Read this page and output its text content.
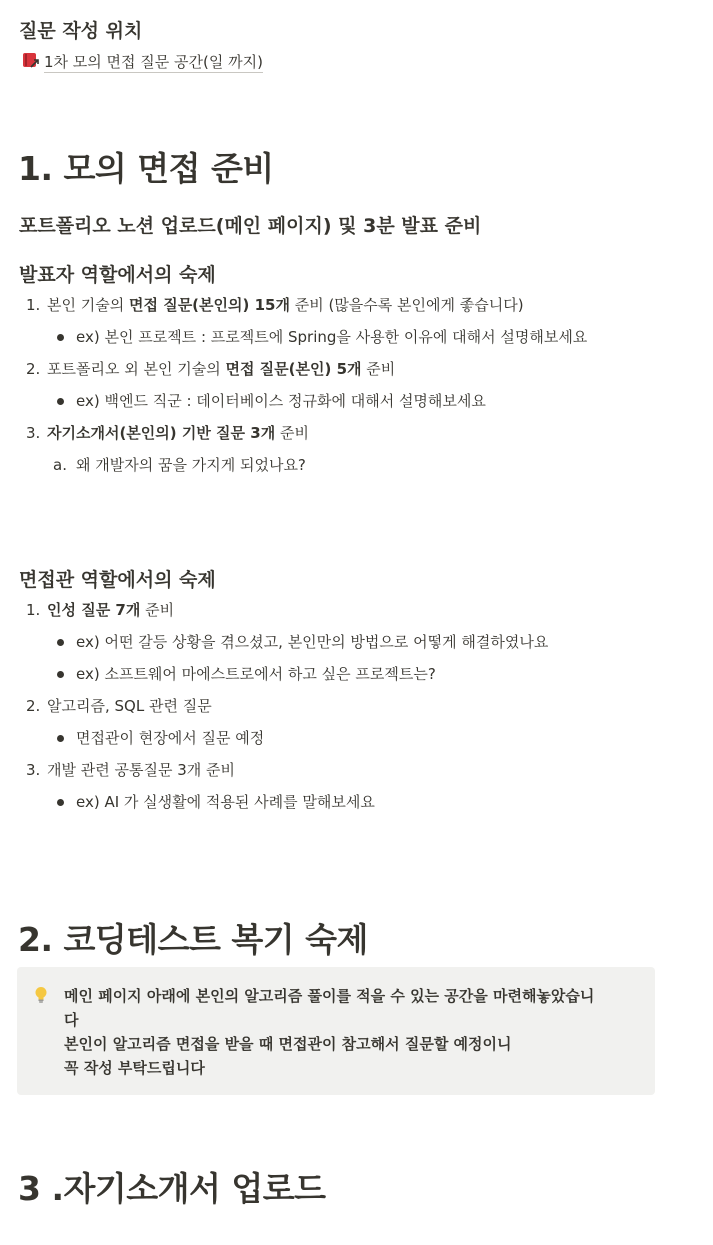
질문 작성 위치
1차 모의 면접 질문 공간(일 까지)
1. 모의 면접 준비
포트폴리오 노션 업로드(메인 페이지) 및 3분 발표 준비
발표자 역할에서의 숙제
1. 본인 기술의 면접 질문(본인의) 15개 준비 (많을수록 본인에게 좋습니다)
ex) 본인 프로젝트 : 프로젝트에 Spring을 사용한 이유에 대해서 설명해보세요
2. 포트폴리오 외 본인 기술의 면접 질문(본인) 5개 준비
ex) 백엔드 직군 : 데이터베이스 정규화에 대해서 설명해보세요
3. 자기소개서(본인의) 기반 질문 3개 준비
a. 왜 개발자의 꿈을 가지게 되었나요?
면접관 역할에서의 숙제
1. 인성 질문 7개 준비
ex) 어떤 갈등 상황을 겪으셨고, 본인만의 방법으로 어떻게 해결하였나요
ex) 소프트웨어 마에스트로에서 하고 싶은 프로젝트는?
2. 알고리즘, SQL 관련 질문
면접관이 현장에서 질문 예정
3. 개발 관련 공통질문 3개 준비
ex) AI 가 실생활에 적용된 사례를 말해보세요
2. 코딩테스트 복기 숙제
메인 페이지 아래에 본인의 알고리즘 풀이를 적을 수 있는 공간을 마련해놓았습니
다
본인이 알고리즘 면접을 받을 때 면접관이 참고해서 질문할 예정이니
꼭 작성 부탁드립니다
3 .자기소개서 업로드
